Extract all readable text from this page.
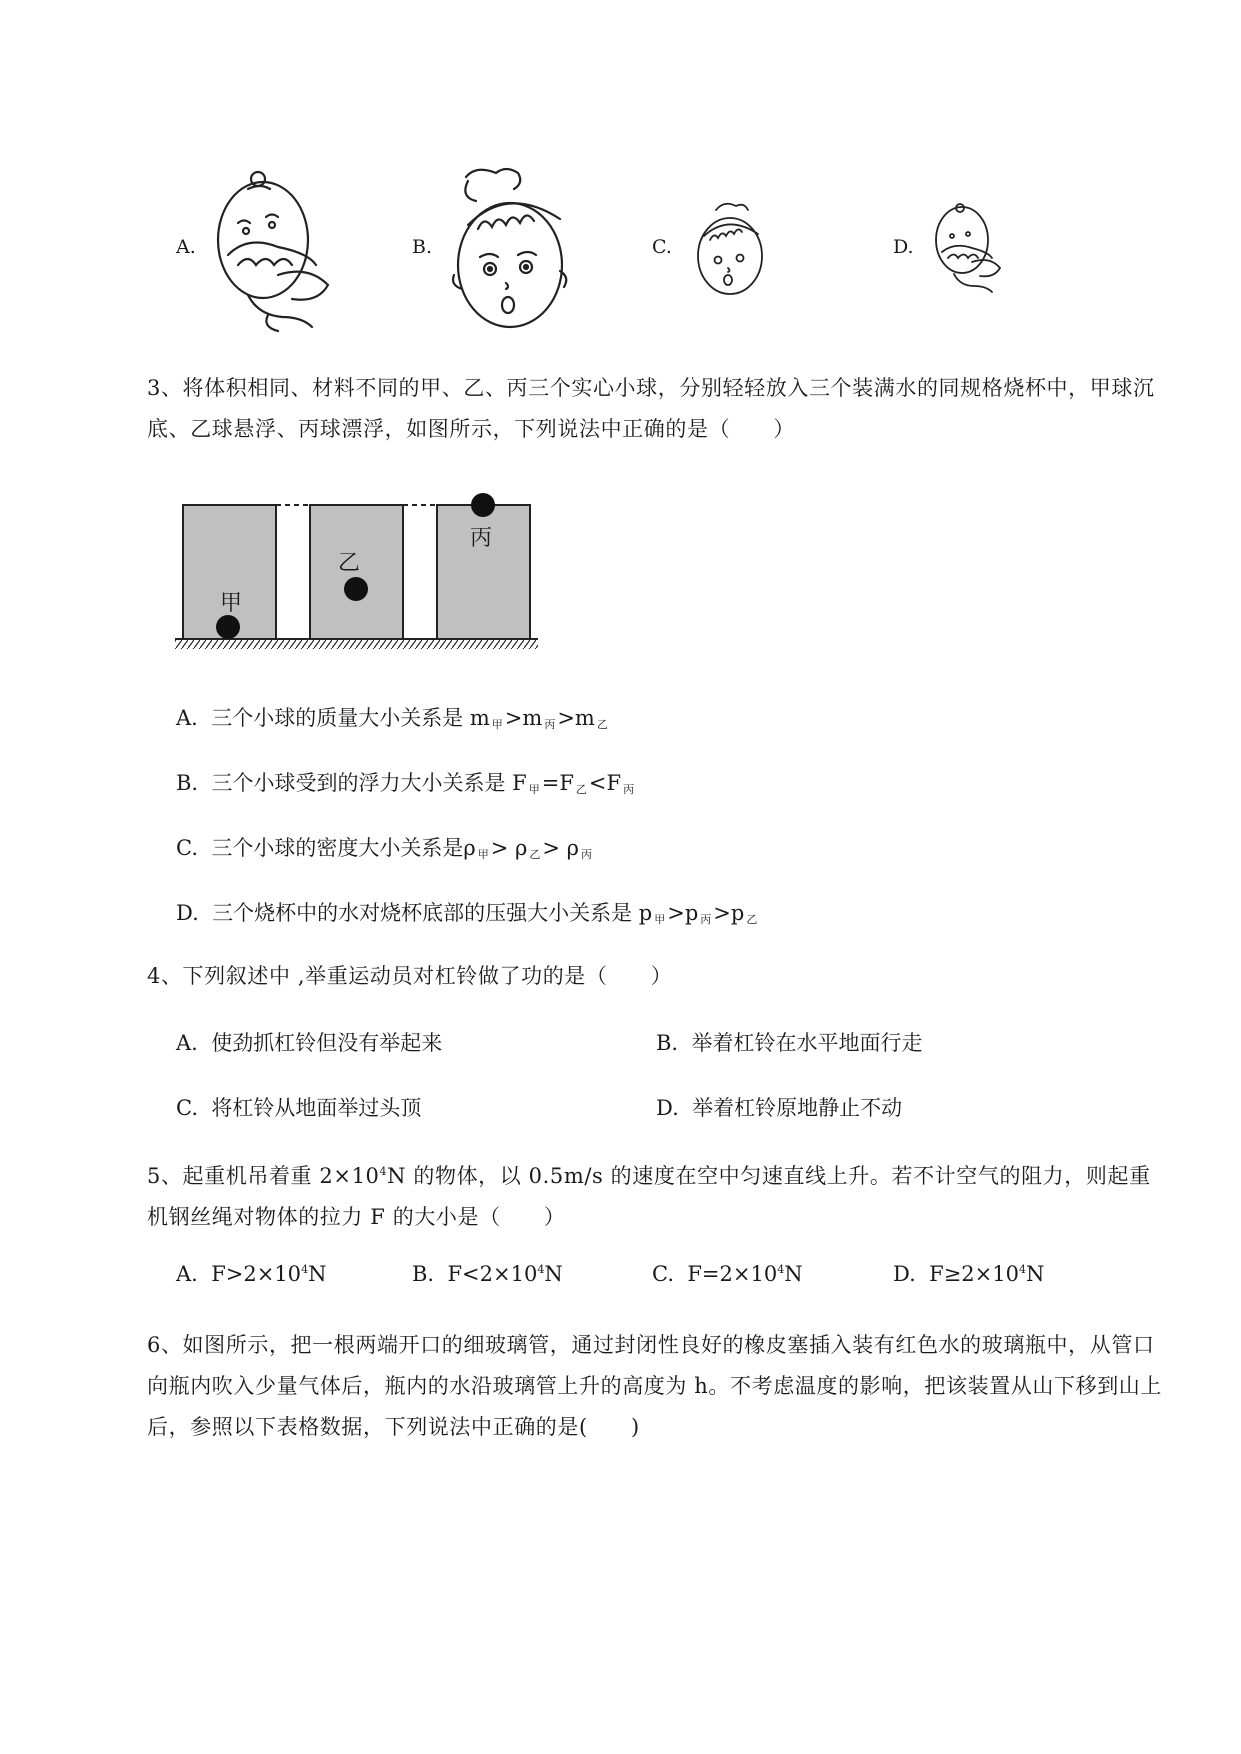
A.	B.	C.	D.
3、将体积相同、材料不同的甲、乙、丙三个实心小球，分别轻轻放入三个装满水的同规格烧杯中，甲球沉底、乙球悬浮、丙球漂浮，如图所示，下列说法中正确的是（　　）
甲
乙
丙
A. 三个小球的质量大小关系是 m $_甲$>m $_丙$>m $_乙$
B. 三个小球受到的浮力大小关系是 F $_甲$=F $_乙$<F $_丙$
C. 三个小球的密度大小关系是ρ $_甲$> ρ $_乙$> ρ $_丙$
D. 三个烧杯中的水对烧杯底部的压强大小关系是 p $_甲$>p $_丙$>p $_乙$
4、下列叙述中 ,举重运动员对杠铃做了功的是（　　）
A. 使劲抓杠铃但没有举起来	B. 举着杠铃在水平地面行走
C. 将杠铃从地面举过头顶	D. 举着杠铃原地静止不动
5、起重机吊着重 $2\times 10^4N$ 的物体，以 0.5m/s 的速度在空中匀速直线上升。若不计空气的阻力，则起重机钢丝绳对物体的拉力 F 的大小是（　　）
A. $F>2\times 10^4N$	B. $F<2\times 10^4N$	C. $F=2\times 10^4N$	D. $F\ge 2\times 10^4N$
6、如图所示，把一根两端开口的细玻璃管，通过封闭性良好的橡皮塞插入装有红色水的玻璃瓶中，从管口向瓶内吹入少量气体后，瓶内的水沿玻璃管上升的高度为 h。不考虑温度的影响，把该装置从山下移到山上后，参照以下表格数据，下列说法中正确的是(　　)
